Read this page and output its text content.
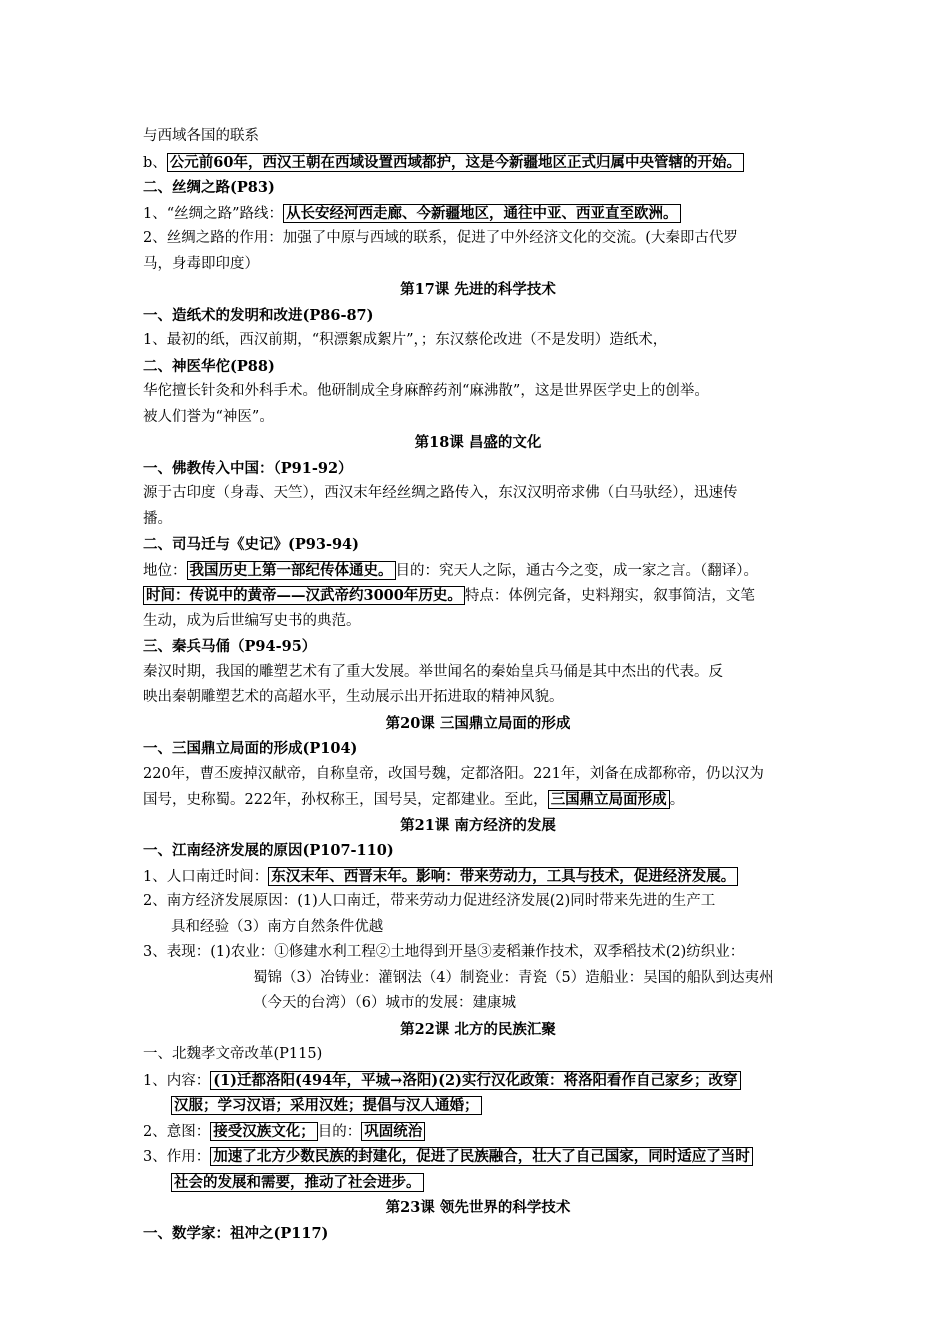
与西域各国的联系
b、 公元前60年，西汉王朝在西域设置西域都护，这是今新疆地区正式归属中央管辖的开始。
二、丝绸之路(P83)
1、“丝绸之路”路线： 从长安经河西走廊、今新疆地区，通往中亚、西亚直至欧洲。
2、丝绸之路的作用：加强了中原与西域的联系，促进了中外经济文化的交流。(大秦即古代罗
马，身毒即印度）
第17课 先进的科学技术
一、造纸术的发明和改进(P86-87)
1、最初的纸，西汉前期，“积漂絮成絮片”，；东汉蔡伦改进（不是发明）造纸术，
二、神医华佗(P88)
华佗擅长针灸和外科手术。他研制成全身麻醉药剂“麻沸散”，这是世界医学史上的创举。
被人们誉为“神医”。
第18课 昌盛的文化
一、佛教传入中国：（P91-92）
源于古印度（身毒、天竺），西汉末年经丝绸之路传入，东汉汉明帝求佛（白马驮经），迅速传
播。
二、司马迁与《史记》(P93-94)
地位： 我国历史上第一部纪传体通史。 目的：究天人之际，通古今之变，成一家之言。（翻译）。
时间：传说中的黄帝——汉武帝约3000年历史。 特点：体例完备，史料翔实，叙事简洁，文笔
生动，成为后世编写史书的典范。
三、秦兵马俑（P94-95）
秦汉时期，我国的雕塑艺术有了重大发展。举世闻名的秦始皇兵马俑是其中杰出的代表。反
映出秦朝雕塑艺术的高超水平，生动展示出开拓进取的精神风貌。
第20课 三国鼎立局面的形成
一、三国鼎立局面的形成(P104)
220年，曹丕废掉汉献帝，自称皇帝，改国号魏，定都洛阳。221年，刘备在成都称帝，仍以汉为
国号，史称蜀。222年，孙权称王，国号吴，定都建业。至此， 三国鼎立局面形成 。
第21课 南方经济的发展
一、江南经济发展的原因(P107-110)
1、人口南迁时间： 东汉末年、西晋末年。影响：带来劳动力，工具与技术，促进经济发展。
2、南方经济发展原因：(1)人口南迁，带来劳动力促进经济发展(2)同时带来先进的生产工
具和经验（3）南方自然条件优越
3、表现：(1)农业：①修建水利工程②土地得到开垦③麦稻兼作技术，双季稻技术(2)纺织业：
蜀锦（3）冶铸业：灌钢法（4）制瓷业：青瓷（5）造船业：吴国的船队到达夷州
（今天的台湾）（6）城市的发展：建康城
第22课 北方的民族汇聚
一、北魏孝文帝改革(P115)
1、内容： (1)迁都洛阳(494年，平城→洛阳)(2)实行汉化政策：将洛阳看作自己家乡；改穿
汉服；学习汉语；采用汉姓；提倡与汉人通婚；
2、意图： 接受汉族文化； 目的： 巩固统治
3、作用： 加速了北方少数民族的封建化，促进了民族融合，壮大了自己国家，同时适应了当时
社会的发展和需要，推动了社会进步。
第23课 领先世界的科学技术
一、数学家：祖冲之(P117)
